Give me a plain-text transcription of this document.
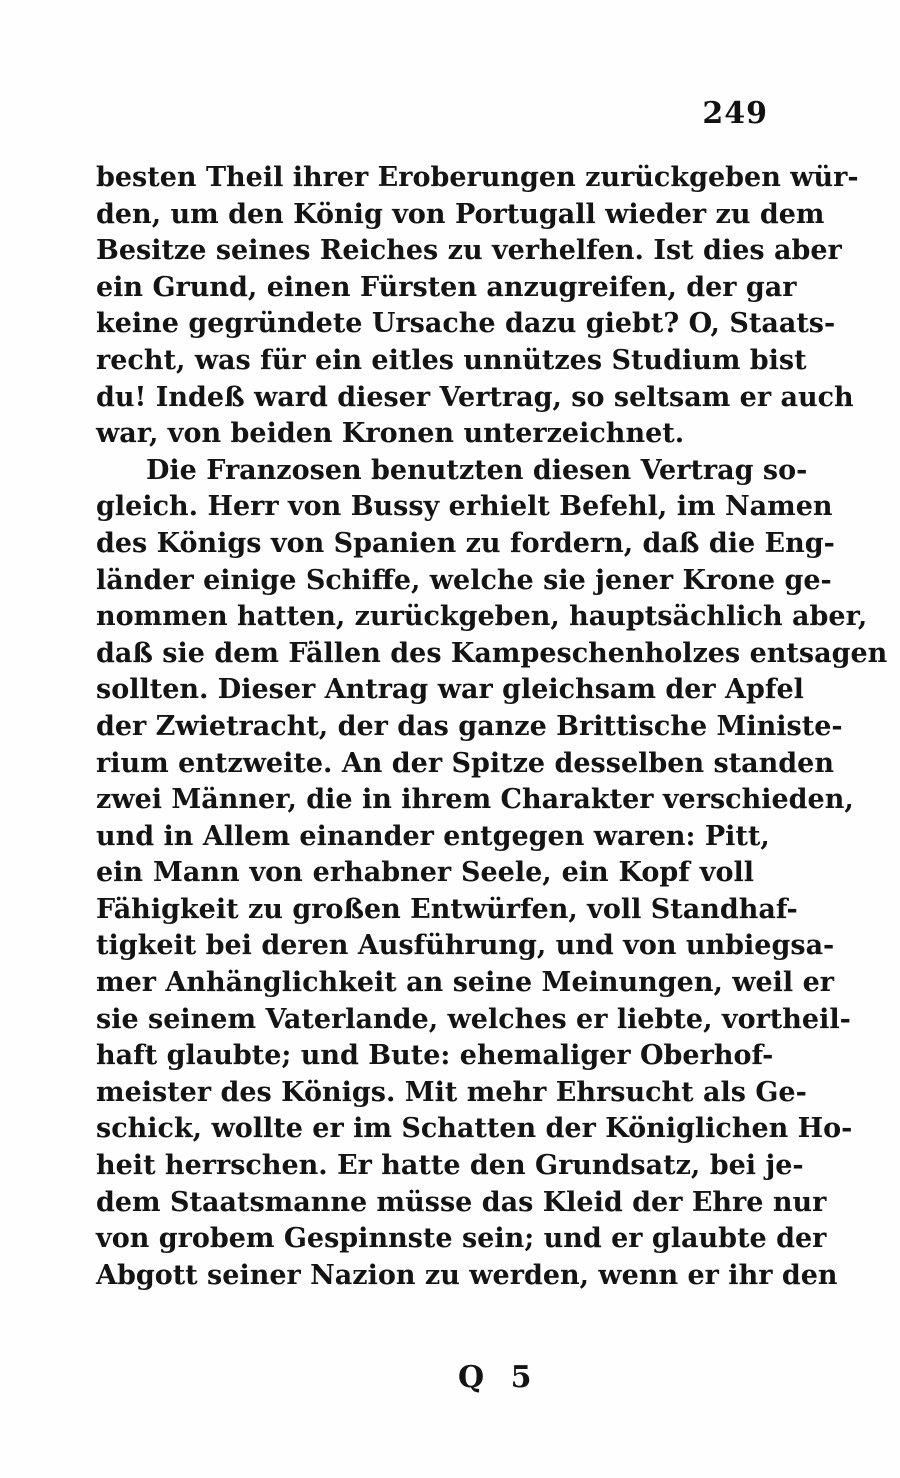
249
besten Theil ihrer Eroberungen zurückgeben wür-
den, um den König von Portugall wieder zu dem
Besitze seines Reiches zu verhelfen. Ist dies aber
ein Grund, einen Fürsten anzugreifen, der gar
keine gegründete Ursache dazu giebt? O, Staats-
recht, was für ein eitles unnützes Studium bist
du! Indeß ward dieser Vertrag, so seltsam er auch
war, von beiden Kronen unterzeichnet.
Die Franzosen benutzten diesen Vertrag so-
gleich. Herr von Bussy erhielt Befehl, im Namen
des Königs von Spanien zu fordern, daß die Eng-
länder einige Schiffe, welche sie jener Krone ge-
nommen hatten, zurückgeben, hauptsächlich aber,
daß sie dem Fällen des Kampeschenholzes entsagen
sollten. Dieser Antrag war gleichsam der Apfel
der Zwietracht, der das ganze Brittische Ministe-
rium entzweite. An der Spitze desselben standen
zwei Männer, die in ihrem Charakter verschieden,
und in Allem einander entgegen waren: Pitt,
ein Mann von erhabner Seele, ein Kopf voll
Fähigkeit zu großen Entwürfen, voll Standhaf-
tigkeit bei deren Ausführung, und von unbiegsa-
mer Anhänglichkeit an seine Meinungen, weil er
sie seinem Vaterlande, welches er liebte, vortheil-
haft glaubte; und Bute: ehemaliger Oberhof-
meister des Königs. Mit mehr Ehrsucht als Ge-
schick, wollte er im Schatten der Königlichen Ho-
heit herrschen. Er hatte den Grundsatz, bei je-
dem Staatsmanne müsse das Kleid der Ehre nur
von grobem Gespinnste sein; und er glaubte der
Abgott seiner Nazion zu werden, wenn er ihr den
Q 5
